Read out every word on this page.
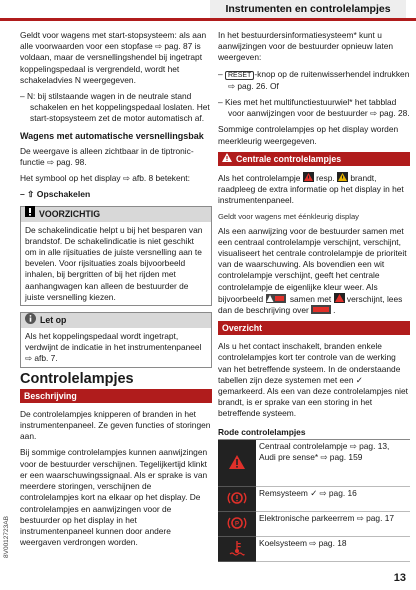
Instrumenten en controlelampjes

Geldt voor wagens met start-stopsysteem: als aan alle voorwaarden voor een stopfase ⇨ pag. 87 is voldaan, maar de versnellingshendel bij ingetrapt koppelingspedaal is vergrendeld, wordt het schakeladvies N weergegeven.

– N: bij stilstaande wagen in de neutrale stand schakelen en het koppelingspedaal loslaten. Het start-stopsysteem zet de motor automatisch af.

Wagens met automatische versnellingsbak

De weergave is alleen zichtbaar in de tiptronic-functie ⇨ pag. 98.

Het symbool op het display ⇨ afb. 8 betekent:

– ⇧ Opschakelen
VOORZICHTIG
De schakelindicatie helpt u bij het besparen van brandstof. De schakelindicatie is niet geschikt om in alle rijsituaties de juiste versnelling aan te bevelen. Voor rijsituaties zoals bijvoorbeeld inhalen, bij bergritten of bij het rijden met aanhangwagen kan alleen de bestuurder de juiste versnelling kiezen.
Let op
Als het koppelingspedaal wordt ingetrapt, verdwijnt de indicatie in het instrumentenpaneel ⇨ afb. 7.
Controlelampjes
Beschrijving

De controlelampjes knipperen of branden in het instrumentenpaneel. Ze geven functies of storingen aan.

Bij sommige controlelampjes kunnen aanwijzingen voor de bestuurder verschijnen. Tegelijkertijd klinkt er een waarschuwingssignaal. Als er sprake is van meerdere storingen, verschijnen de controlelampjes kort na elkaar op het display. De controlelampjes en aanwijzingen voor de bestuurder op het display in het instrumentenpaneel kunnen door andere weergaven verdrongen worden.

In het bestuurdersinformatiesysteem* kunt u aanwijzingen voor de bestuurder opnieuw laten weergeven:

– RESET -knop op de ruitenwisserhendel indrukken ⇨ pag. 26. Of

– Kies met het multifunctiestuurwiel* het tabblad voor aanwijzingen voor de bestuurder ⇨ pag. 28.

Sommige controlelampjes op het display worden meerkleurig weergegeven.

Centrale controlelampjes

Als het controlelampje resp. brandt, raadpleeg de extra informatie op het display in het instrumentenpaneel.

Geldt voor wagens met éénkleurig display

Als een aanwijzing voor de bestuurder samen met een centraal controlelampje verschijnt, verschijnt, visualiseert het centrale controlelampje de prioriteit van de waarschuwing. Als bovendien een wit controlelampje verschijnt, geeft het centrale controlelampje de eigenlijke kleur weer. Als bijvoorbeeld	samen met verschijnt, lees dan de beschrijving over	.

Overzicht

Als u het contact inschakelt, branden enkele controlelampjes kort ter controle van de werking van het betreffende systeem. In de onderstaande tabellen zijn deze systemen met een ✓ gemarkeerd. Als een van deze controlelampjes niet brandt, is er sprake van een storing in het betreffende systeem.

Rode controlelampjes	
	Centraal controlelampje ⇨ pag. 13, Audi pre sense* ⇨ pag. 159
	Remsysteem ✓ ⇨ pag. 16

P	Elektronische parkeerrem ⇨ pag. 17
	Koelsysteem ⇨ pag. 18
8V0012723AB
13
